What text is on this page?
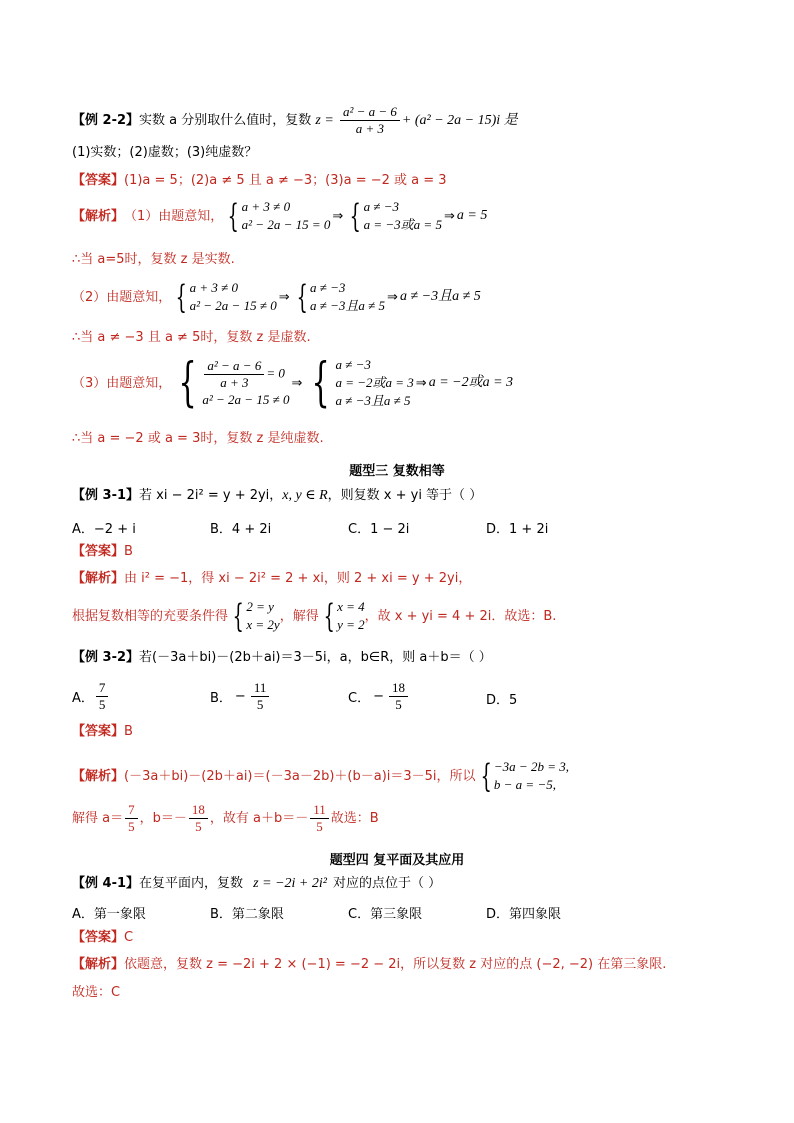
【例 2-2】实数 a 分别取什么值时，复数 $z = \frac{\text{a² − a − 6}}{a + 3} + (a^2 - 2a - 15)i$ 是
(1)实数；(2)虚数；(3)纯虚数？
【答案】(1)a = 5；(2)a ≠ 5 且 a ≠ −3；(3)a = −2 或 a = 3
【解析】 （1）由题意知， { a + 3 ≠ 0
a² − 2a − 15 = 0
⇒ { a ≠ −3
a = −3或a = 5
⇒ a = 5
∴当 a=5时，复数 z 是实数.
（2）由题意知， { a + 3 ≠ 0
a² − 2a − 15 ≠ 0
⇒ { a ≠ −3
a ≠ −3且a ≠ 5
⇒ a ≠ −3且a ≠ 5
∴当 a ≠ −3 且 a ≠ 5时，复数 z 是虚数.
（3）由题意知， { $\frac{\text{a² − a − 6}}{a + 3} = 0$
a² − 2a − 15 ≠ 0
⇒ { a ≠ −3
a = −2或a = 3
a ≠ −3且a ≠ 5
⇒ a = −2或a = 3
∴当 a = −2 或 a = 3时，复数 z 是纯虚数.
题型三 复数相等
【例 3-1】若 xi − 2i² = y + 2yi，x, y ∈ R，则复数 x + yi 等于（ ）
A．−2 + i	B．4 + 2i	C．1 − 2i	D．1 + 2i
【答案】B
【解析】由 i² = −1，得 xi − 2i² = 2 + xi，则 2 + xi = y + 2yi，
根据复数相等的充要条件得 { 2 = y
x = 2y
，解得 { x = 4
y = 2
，故 x + yi = 4 + 2i．故选：B.
【例 3-2】若(－3a＋bi)－(2b＋ai)＝3－5i，a，b∈R，则 a＋b＝（ ）
A．
7
5	B． − $\frac{11}{5}$	C． − $\frac{18}{5}$	D．5
【答案】B
【解析】 (－3a＋bi)－(2b＋ai)＝(－3a－2b)＋(b－a)i＝3－5i，所以 { −3a − 2b = 3,
b − a = −5,
解得 a＝
7
5
，b＝－
18
5
，故有 a＋b＝－
11
5
故选：B
题型四 复平面及其应用
【例 4-1】在复平面内，复数 z = −2i + 2i² 对应的点位于（ ）
A．第一象限	B．第二象限	C．第三象限	D．第四象限
【答案】C
【解析】依题意，复数 z = −2i + 2 × (−1) = −2 − 2i，所以复数 z 对应的点 (−2, −2) 在第三象限.
故选：C
